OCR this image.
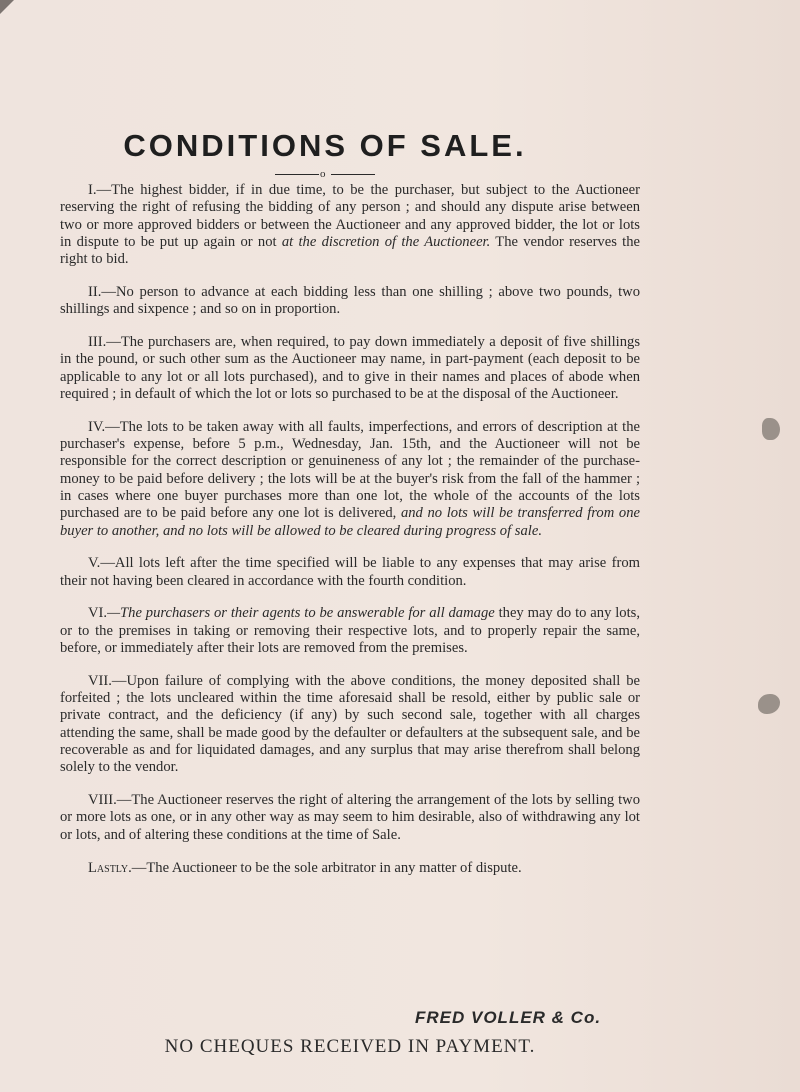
CONDITIONS OF SALE.
o

I.—The highest bidder, if in due time, to be the purchaser, but subject to the Auctioneer reserving the right of refusing the bidding of any person ; and should any dispute arise between two or more approved bidders or between the Auctioneer and any approved bidder, the lot or lots in dispute to be put up again or not at the discretion of the Auctioneer. The vendor reserves the right to bid.

II.—No person to advance at each bidding less than one shilling ; above two pounds, two shillings and sixpence ; and so on in proportion.

III.—The purchasers are, when required, to pay down immediately a deposit of five shillings in the pound, or such other sum as the Auctioneer may name, in part-payment (each deposit to be applicable to any lot or all lots purchased), and to give in their names and places of abode when required ; in default of which the lot or lots so purchased to be at the disposal of the Auctioneer.

IV.—The lots to be taken away with all faults, imperfections, and errors of description at the purchaser's expense, before 5 p.m., Wednesday, Jan. 15th, and the Auctioneer will not be responsible for the correct description or genuineness of any lot ; the remainder of the purchase-money to be paid before delivery ; the lots will be at the buyer's risk from the fall of the hammer ; in cases where one buyer purchases more than one lot, the whole of the accounts of the lots purchased are to be paid before any one lot is delivered, and no lots will be transferred from one buyer to another, and no lots will be allowed to be cleared during progress of sale.

V.—All lots left after the time specified will be liable to any expenses that may arise from their not having been cleared in accordance with the fourth condition.

VI.—The purchasers or their agents to be answerable for all damage they may do to any lots, or to the premises in taking or removing their respective lots, and to properly repair the same, before, or immediately after their lots are removed from the premises.

VII.—Upon failure of complying with the above conditions, the money deposited shall be forfeited ; the lots uncleared within the time aforesaid shall be resold, either by public sale or private contract, and the deficiency (if any) by such second sale, together with all charges attending the same, shall be made good by the defaulter or defaulters at the subsequent sale, and be recoverable as and for liquidated damages, and any surplus that may arise therefrom shall belong solely to the vendor.

VIII.—The Auctioneer reserves the right of altering the arrangement of the lots by selling two or more lots as one, or in any other way as may seem to him desirable, also of withdrawing any lot or lots, and of altering these conditions at the time of Sale.

Lastly.—The Auctioneer to be the sole arbitrator in any matter of dispute.

FRED VOLLER & Co.
NO CHEQUES RECEIVED IN PAYMENT.
